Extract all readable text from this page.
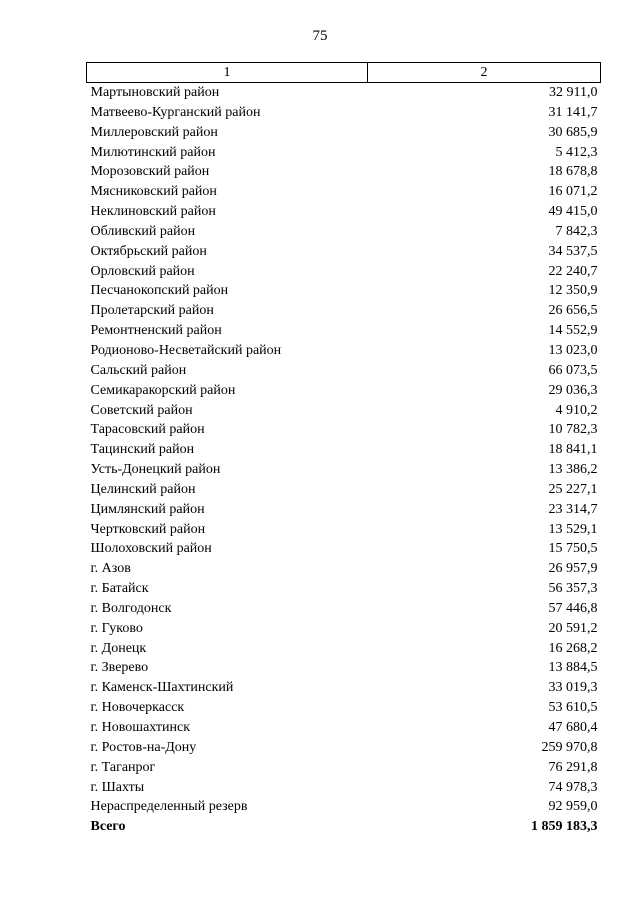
75
1	2
Мартыновский район	32 911,0
Матвеево-Курганский район	31 141,7
Миллеровский район	30 685,9
Милютинский район	5 412,3
Морозовский район	18 678,8
Мясниковский район	16 071,2
Неклиновский район	49 415,0
Обливский район	7 842,3
Октябрьский район	34 537,5
Орловский район	22 240,7
Песчанокопский район	12 350,9
Пролетарский район	26 656,5
Ремонтненский район	14 552,9
Родионово-Несветайский район	13 023,0
Сальский район	66 073,5
Семикаракорский район	29 036,3
Советский район	4 910,2
Тарасовский район	10 782,3
Тацинский район	18 841,1
Усть-Донецкий район	13 386,2
Целинский район	25 227,1
Цимлянский район	23 314,7
Чертковский район	13 529,1
Шолоховский район	15 750,5
г. Азов	26 957,9
г. Батайск	56 357,3
г. Волгодонск	57 446,8
г. Гуково	20 591,2
г. Донецк	16 268,2
г. Зверево	13 884,5
г. Каменск-Шахтинский	33 019,3
г. Новочеркасск	53 610,5
г. Новошахтинск	47 680,4
г. Ростов-на-Дону	259 970,8
г. Таганрог	76 291,8
г. Шахты	74 978,3
Нераспределенный резерв	92 959,0
Всего	1 859 183,3
